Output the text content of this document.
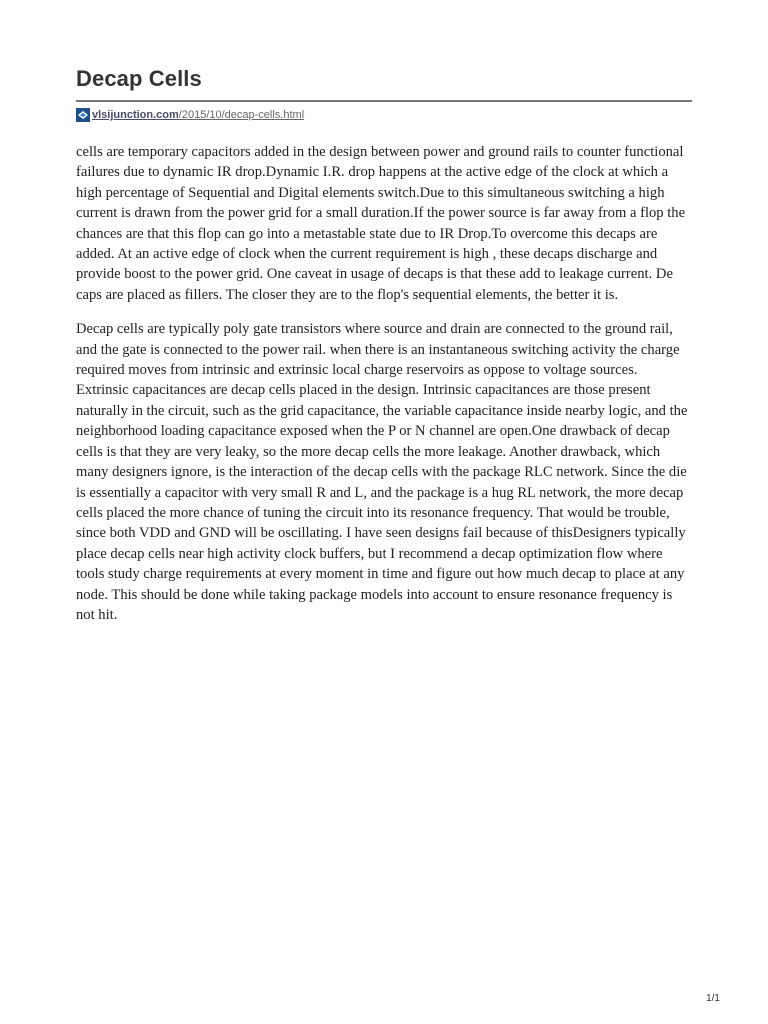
Decap Cells
vlsijunction.com /2015/10/decap-cells.html

cells are temporary capacitors added in the design between power and ground rails to counter functional failures due to dynamic IR drop.Dynamic I.R. drop happens at the active edge of the clock at which a high percentage of Sequential and Digital elements switch.Due to this simultaneous switching a high current is drawn from the power grid for a small duration.If the power source is far away from a flop the chances are that this flop can go into a metastable state due to IR Drop.To overcome this decaps are added. At an active edge of clock when the current requirement is high , these decaps discharge and provide boost to the power grid. One caveat in usage of decaps is that these add to leakage current. De caps are placed as fillers. The closer they are to the flop's sequential elements, the better it is.

Decap cells are typically poly gate transistors where source and drain are connected to the ground rail, and the gate is connected to the power rail. when there is an instantaneous switching activity the charge required moves from intrinsic and extrinsic local charge reservoirs as oppose to voltage sources. Extrinsic capacitances are decap cells placed in the design. Intrinsic capacitances are those present naturally in the circuit, such as the grid capacitance, the variable capacitance inside nearby logic, and the neighborhood loading capacitance exposed when the P or N channel are open.One drawback of decap cells is that they are very leaky, so the more decap cells the more leakage. Another drawback, which many designers ignore, is the interaction of the decap cells with the package RLC network. Since the die is essentially a capacitor with very small R and L, and the package is a hug RL network, the more decap cells placed the more chance of tuning the circuit into its resonance frequency. That would be trouble, since both VDD and GND will be oscillating. I have seen designs fail because of thisDesigners typically place decap cells near high activity clock buffers, but I recommend a decap optimization flow where tools study charge requirements at every moment in time and figure out how much decap to place at any node. This should be done while taking package models into account to ensure resonance frequency is not hit.

1/1
